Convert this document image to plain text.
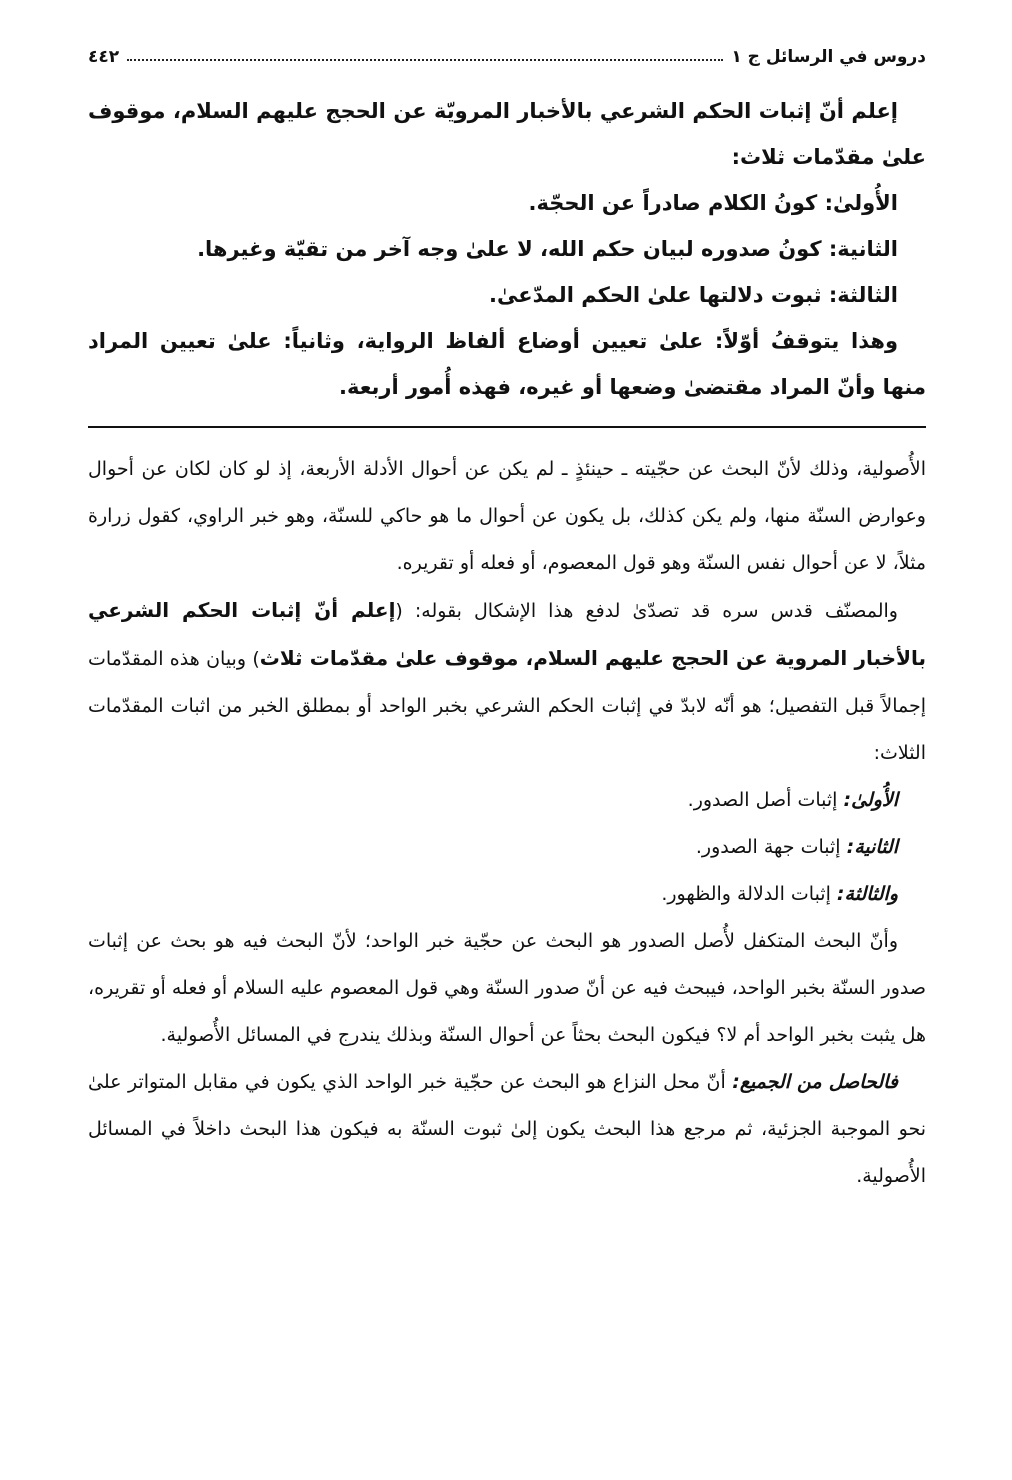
دروس في الرسائل ج ١
٤٤٢

إعلم أنّ إثبات الحكم الشرعي بالأخبار المرويّة عن الحجج عليهم السلام، موقوف علىٰ مقدّمات ثلاث:

الأُولىٰ: كونُ الكلام صادراً عن الحجّة.

الثانية: كونُ صدوره لبيان حكم الله، لا علىٰ وجه آخر من تقيّة وغيرها.

الثالثة: ثبوت دلالتها علىٰ الحكم المدّعىٰ.

وهذا يتوقفُ أوّلاً: علىٰ تعيين أوضاع ألفاظ الرواية، وثانياً: علىٰ تعيين المراد منها وأنّ المراد مقتضىٰ وضعها أو غيره، فهذه أُمور أربعة.

الأُصولية، وذلك لأنّ البحث عن حجّيته ـ حينئذٍ ـ لم يكن عن أحوال الأدلة الأربعة، إذ لو كان لكان عن أحوال وعوارض السنّة منها، ولم يكن كذلك، بل يكون عن أحوال ما هو حاكي للسنّة، وهو خبر الراوي، كقول زرارة مثلاً، لا عن أحوال نفس السنّة وهو قول المعصوم، أو فعله أو تقريره.

والمصنّف قدس سره قد تصدّىٰ لدفع هذا الإشكال بقوله: (إعلم أنّ إثبات الحكم الشرعي بالأخبار المروية عن الحجج عليهم السلام، موقوف علىٰ مقدّمات ثلاث) وبيان هذه المقدّمات إجمالاً قبل التفصيل؛ هو أنّه لابدّ في إثبات الحكم الشرعي بخبر الواحد أو بمطلق الخبر من اثبات المقدّمات الثلاث:

الأُولىٰ: إثبات أصل الصدور.

الثانية: إثبات جهة الصدور.

والثالثة: إثبات الدلالة والظهور.

وأنّ البحث المتكفل لأُصل الصدور هو البحث عن حجّية خبر الواحد؛ لأنّ البحث فيه هو بحث عن إثبات صدور السنّة بخبر الواحد، فيبحث فيه عن أنّ صدور السنّة وهي قول المعصوم عليه السلام أو فعله أو تقريره، هل يثبت بخبر الواحد أم لا؟ فيكون البحث بحثاً عن أحوال السنّة وبذلك يندرج في المسائل الأُصولية.

فالحاصل من الجميع: أنّ محل النزاع هو البحث عن حجّية خبر الواحد الذي يكون في مقابل المتواتر علىٰ نحو الموجبة الجزئية، ثم مرجع هذا البحث يكون إلىٰ ثبوت السنّة به فيكون هذا البحث داخلاً في المسائل الأُصولية.
